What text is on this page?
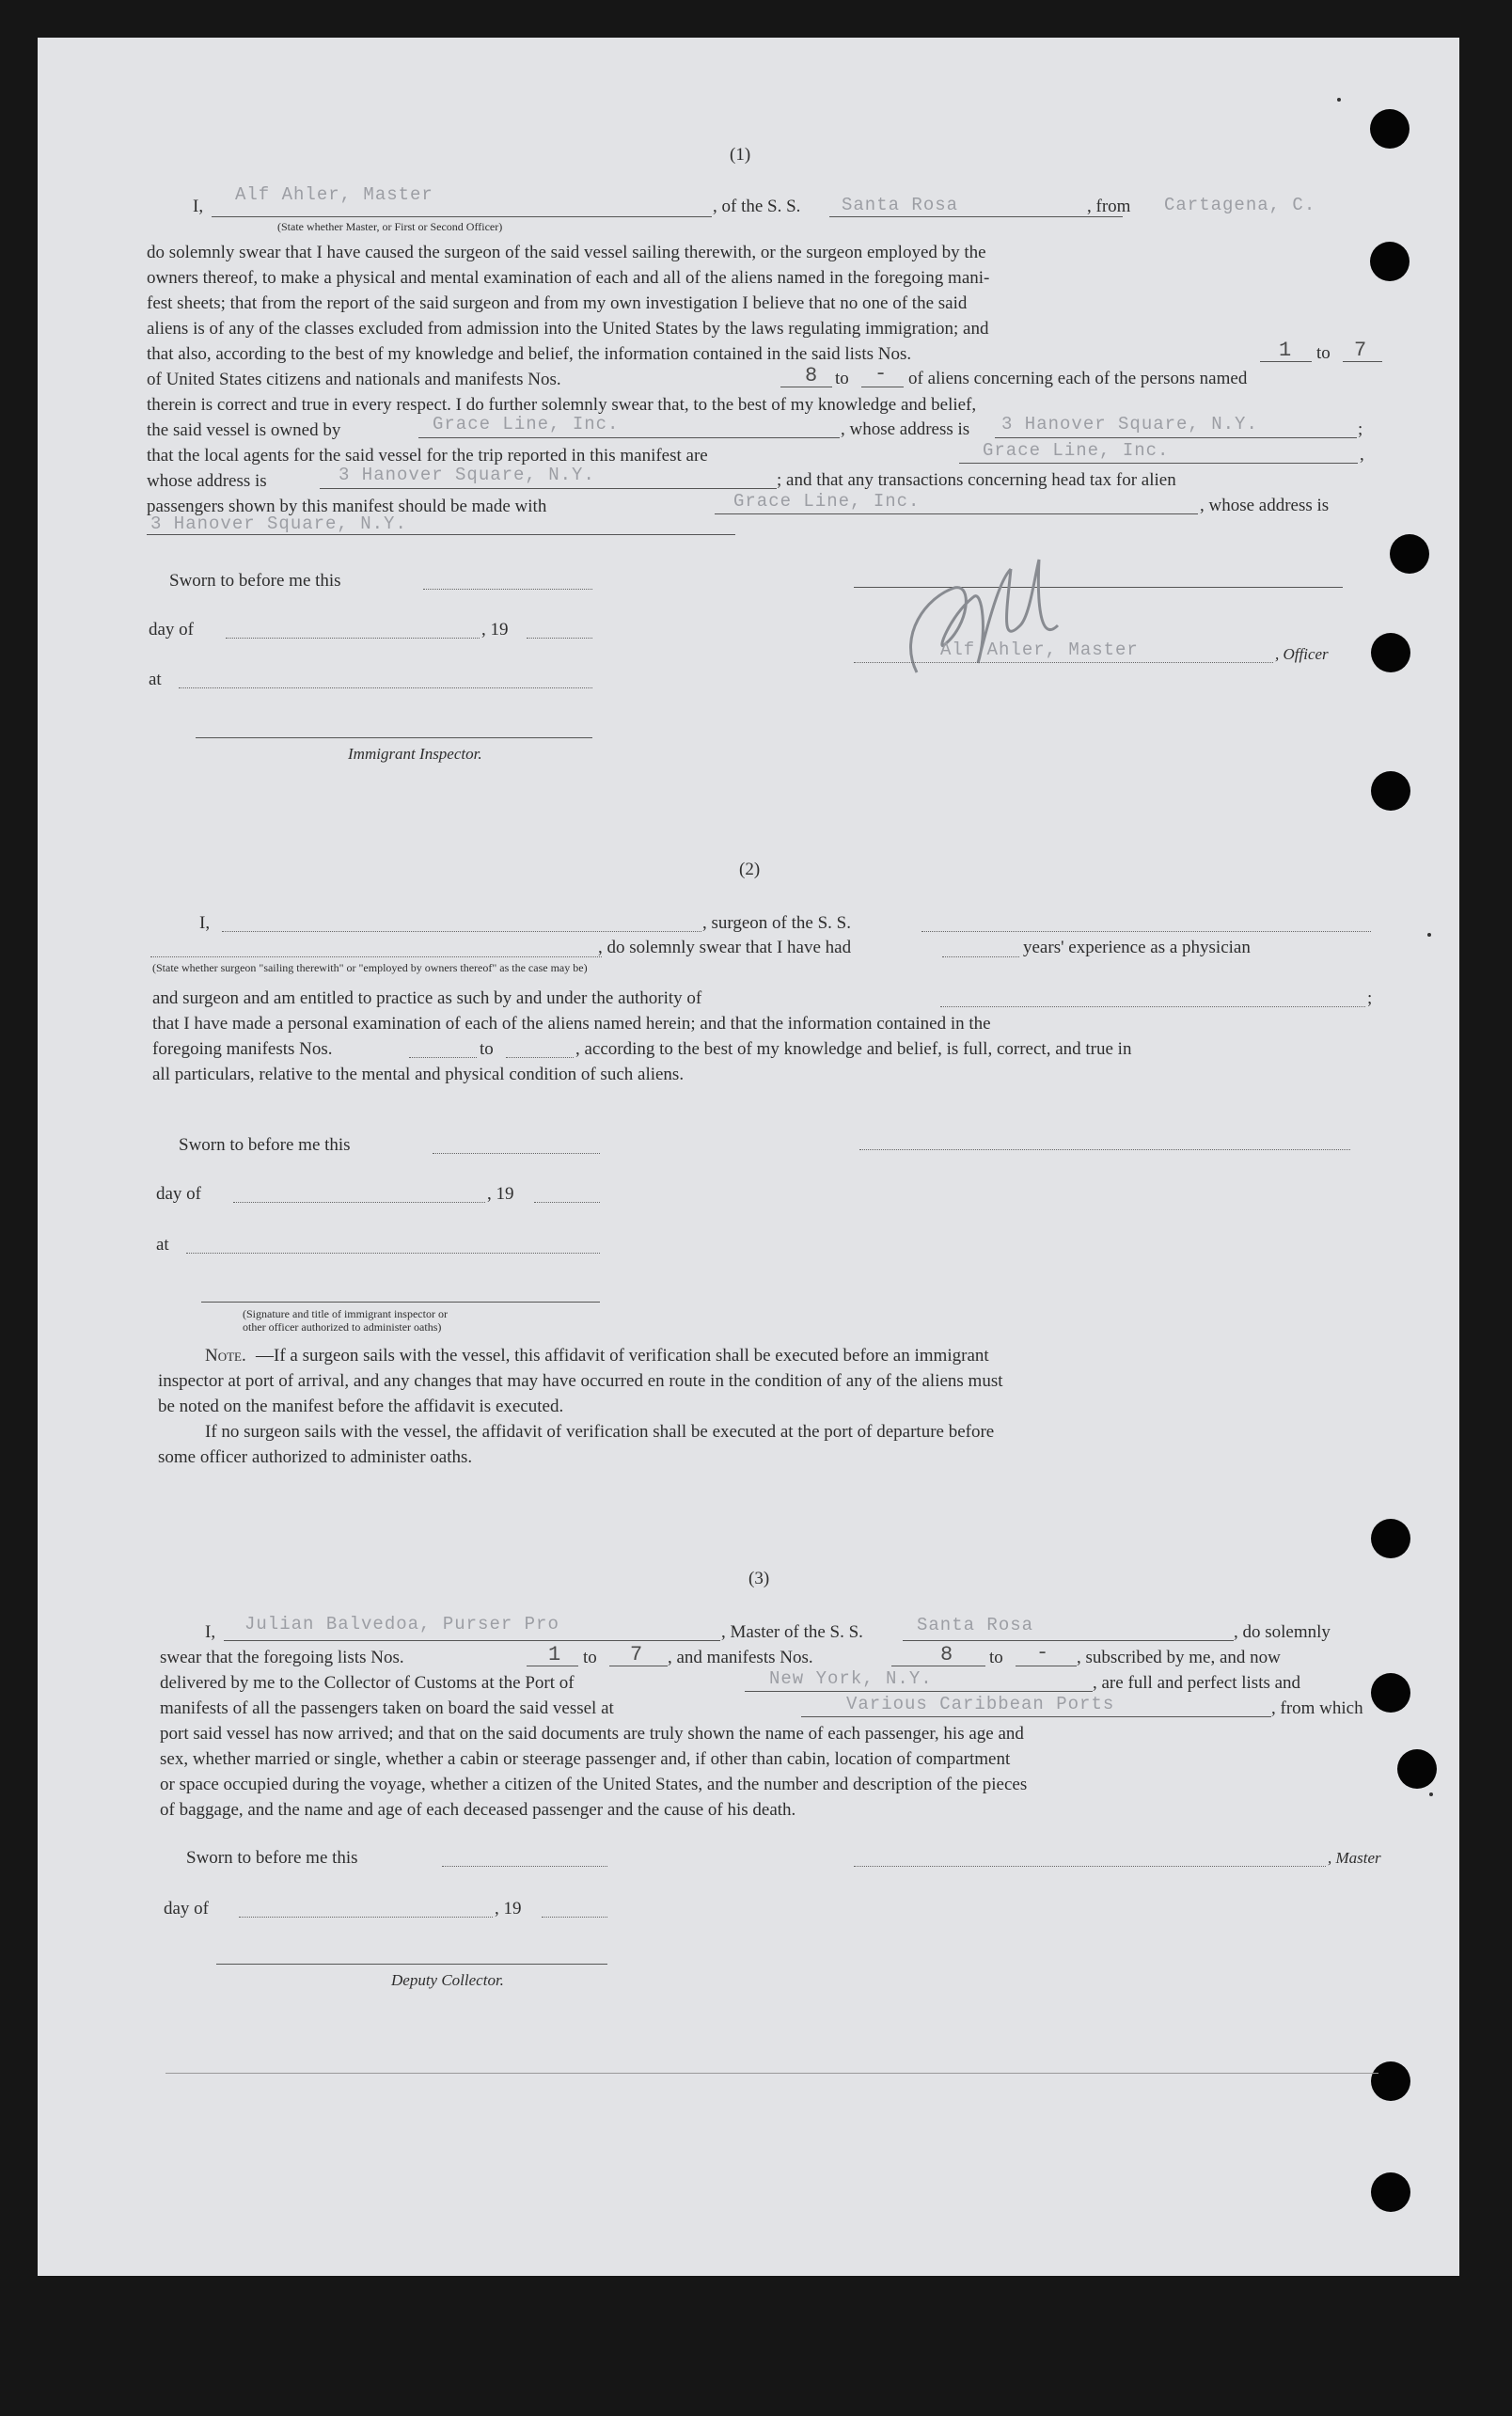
(1)
I,
Alf Ahler, Master
, of the S. S. Santa Rosa	, from Cartagena, C.
(State whether Master, or First or Second Officer)
do solemnly swear that I have caused the surgeon of the said vessel sailing therewith, or the surgeon employed by the
owners thereof, to make a physical and mental examination of each and all of the aliens named in the foregoing mani-
fest sheets; that from the report of the said surgeon and from my own investigation I believe that no one of the said
aliens is of any of the classes excluded from admission into the United States by the laws regulating immigration; and
that also, according to the best of my knowledge and belief, the information contained in the said lists Nos.	1 to 7
of United States citizens and nationals and manifests Nos.	8 to - of aliens concerning each of the persons named
therein is correct and true in every respect. I do further solemnly swear that, to the best of my knowledge and belief,
the said vessel is owned by	Grace Line, Inc.	, whose address is 3 Hanover Square, N.Y.	;
that the local agents for the said vessel for the trip reported in this manifest are	Grace Line, Inc.	,
whose address is	3 Hanover Square, N.Y.	; and that any transactions concerning head tax for alien
passengers shown by this manifest should be made with	Grace Line, Inc.	, whose address is
3 Hanover Square, N.Y.
Sworn to before me this
day of	, 19
at
Immigrant Inspector.
Alf Ahler, Master	, Officer
(2)
I,	, surgeon of the S. S.
, do solemnly swear that I have had	years' experience as a physician
(State whether surgeon "sailing therewith" or "employed by owners thereof" as the case may be)
and surgeon and am entitled to practice as such by and under the authority of	;
that I have made a personal examination of each of the aliens named herein; and that the information contained in the
foregoing manifests Nos.	to	, according to the best of my knowledge and belief, is full, correct, and true in
all particulars, relative to the mental and physical condition of such aliens.
Sworn to before me this
day of	, 19
at
(Signature and title of immigrant inspector or
other officer authorized to administer oaths)
Note. —If a surgeon sails with the vessel, this affidavit of verification shall be executed before an immigrant
inspector at port of arrival, and any changes that may have occurred en route in the condition of any of the aliens must
be noted on the manifest before the affidavit is executed.
If no surgeon sails with the vessel, the affidavit of verification shall be executed at the port of departure before
some officer authorized to administer oaths.
(3)
I, Julian Balvedoa, Purser Pro	, Master of the S. S.	Santa Rosa	, do solemnly
swear that the foregoing lists Nos.	1 to 7 , and manifests Nos.	8 to - , subscribed by me, and now
delivered by me to the Collector of Customs at the Port of	New York, N.Y.	, are full and perfect lists and
manifests of all the passengers taken on board the said vessel at	Various Caribbean Ports	, from which
port said vessel has now arrived; and that on the said documents are truly shown the name of each passenger, his age and
sex, whether married or single, whether a cabin or steerage passenger and, if other than cabin, location of compartment
or space occupied during the voyage, whether a citizen of the United States, and the number and description of the pieces
of baggage, and the name and age of each deceased passenger and the cause of his death.
Sworn to before me this	, Master
day of	, 19
Deputy Collector.
